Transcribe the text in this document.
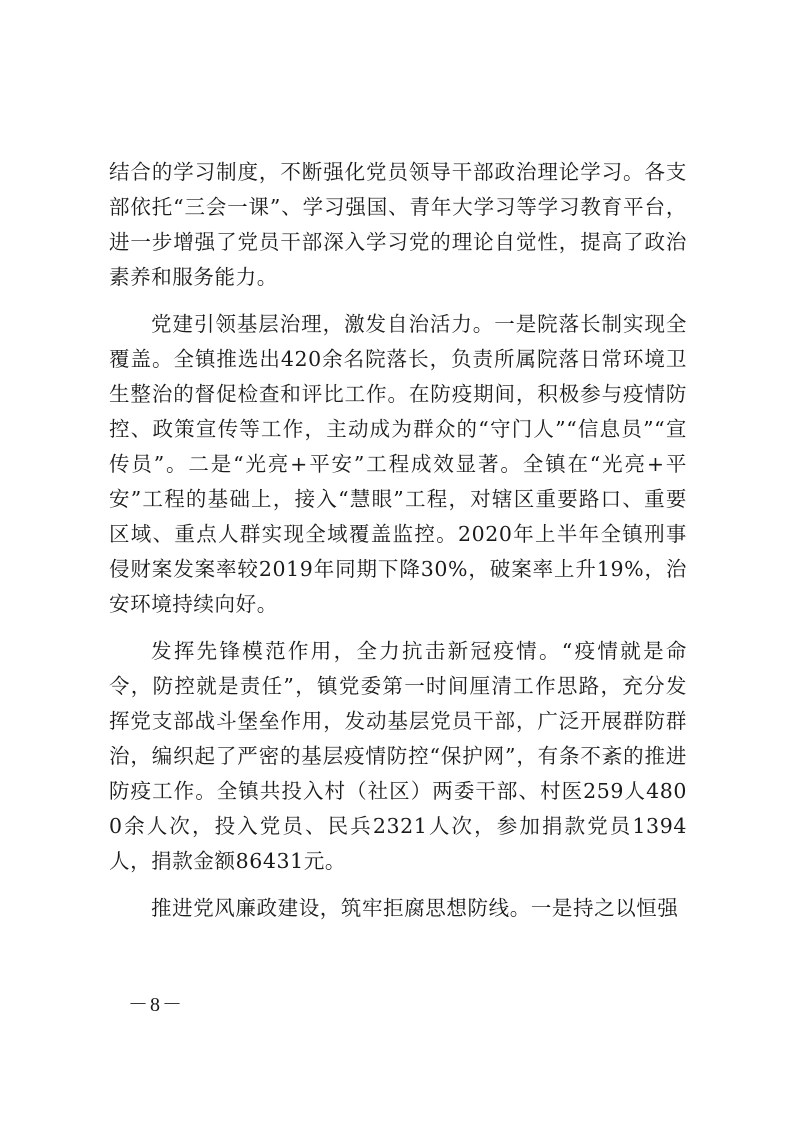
结合的学习制度，不断强化党员领导干部政治理论学习。各支部依托“三会一课”、学习强国、青年大学习等学习教育平台，进一步增强了党员干部深入学习党的理论自觉性，提高了政治素养和服务能力。

党建引领基层治理，激发自治活力。一是院落长制实现全覆盖。全镇推选出420余名院落长，负责所属院落日常环境卫生整治的督促检查和评比工作。在防疫期间，积极参与疫情防控、政策宣传等工作，主动成为群众的“守门人”“信息员”“宣传员”。二是“光亮+平安”工程成效显著。全镇在“光亮+平安”工程的基础上，接入“慧眼”工程，对辖区重要路口、重要区域、重点人群实现全域覆盖监控。2020年上半年全镇刑事侵财案发案率较2019年同期下降30%，破案率上升19%，治安环境持续向好。

发挥先锋模范作用，全力抗击新冠疫情。“疫情就是命令，防控就是责任”，镇党委第一时间厘清工作思路，充分发挥党支部战斗堡垒作用，发动基层党员干部，广泛开展群防群治，编织起了严密的基层疫情防控“保护网”，有条不紊的推进防疫工作。全镇共投入村（社区）两委干部、村医259人4800余人次，投入党员、民兵2321人次，参加捐款党员1394人，捐款金额86431元。

推进党风廉政建设，筑牢拒腐思想防线。一是持之以恒强

－8－
